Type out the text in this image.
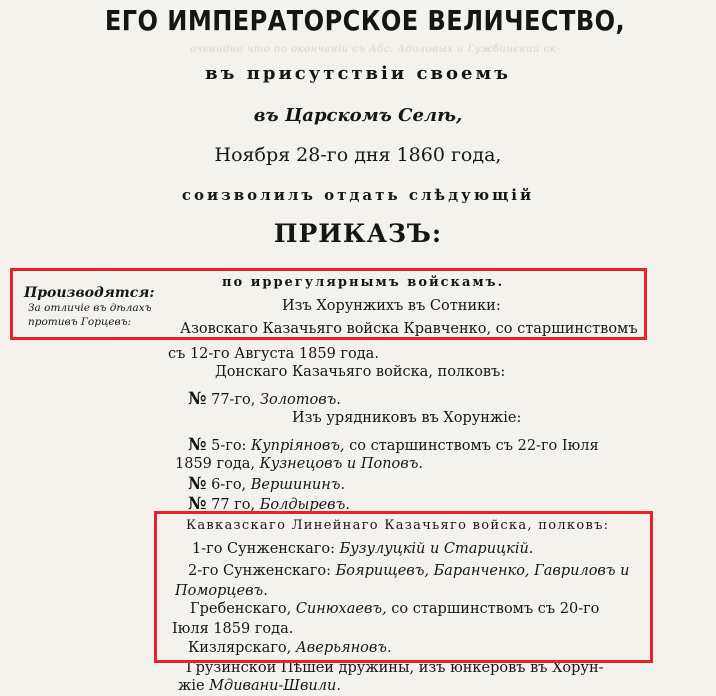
очевидно что по окончаніи съ Абс. Адоловых и Гужбинский ск-
ЕГО ИМПЕРАТОРСКОЕ ВЕЛИЧЕСТВО,
въ присутствіи своемъ
въ Царскомъ Селѣ,
Ноября 28-го дня 1860 года,
соизволилъ отдать слѣдующій
ПРИКАЗЪ:
Производятся:
За отличіе въ дѣлахъ
противъ Горцевъ:
по иррегулярнымъ войскамъ.
Изъ Хорунжихъ въ Сотники:
Азовскаго Казачьяго войска Кравченко, со старшинствомъ
съ 12-го Августа 1859 года.
Донскаго Казачьяго войска, полковъ:
№ 77-го, Золотовъ.
Изъ урядниковъ въ Хорунжіе:
№ 5-го: Купріяновъ, со старшинствомъ съ 22-го Іюля
1859 года, Кузнецовъ и Поповъ.
№ 6-го, Вершининъ.
№ 77 го, Болдыревъ.
Кавказскаго Линейнаго Казачьяго войска, полковъ:
1-го Сунженскаго: Бузулуцкій и Старицкій.
2-го Сунженскаго: Боярищевъ, Баранченко, Гавриловъ и
Поморцевъ.
Гребенскаго, Синюхаевъ, со старшинствомъ съ 20-го
Іюля 1859 года.
Кизлярскаго, Аверьяновъ.
Грузинской Пѣшей дружины, изъ юнкеровъ въ Хорун-
жіе Мдивани-Швили.
